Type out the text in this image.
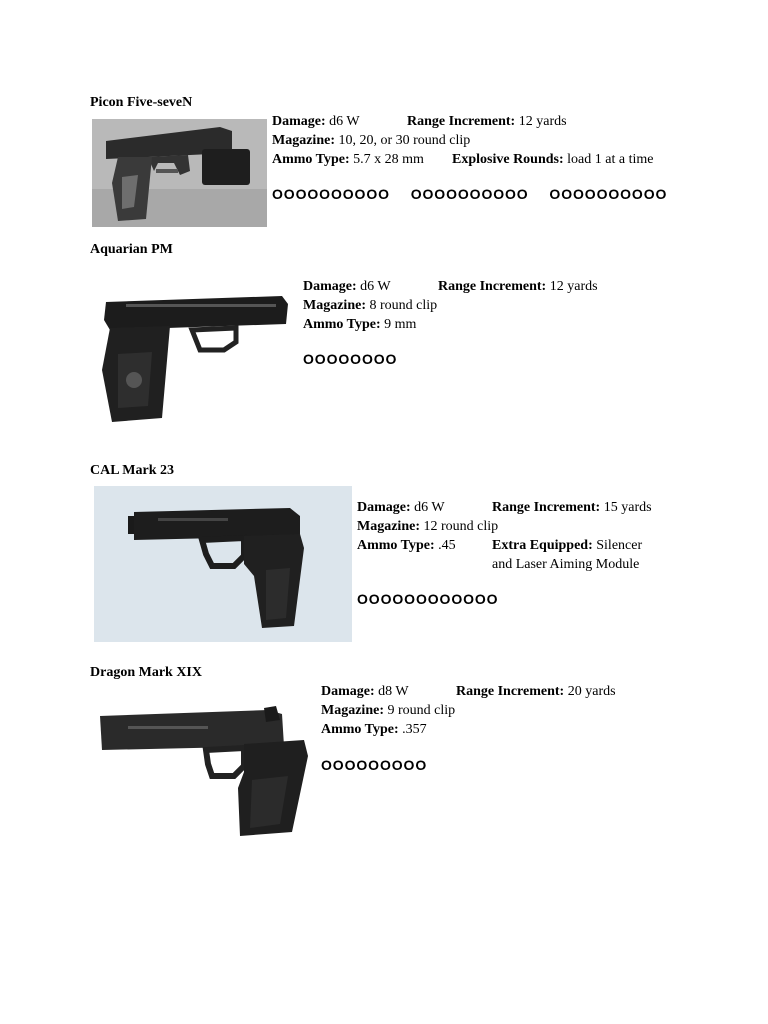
Picon Five-seveN
Damage: d6 W	Range Increment: 12 yards
Magazine: 10, 20, or 30 round clip
Ammo Type: 5.7 x 28 mm Explosive Rounds: load 1 at a time
OOOOOOOOOO OOOOOOOOOO OOOOOOOOOO
Aquarian PM
Damage: d6 W	Range Increment: 12 yards
Magazine: 8 round clip
Ammo Type: 9 mm
OOOOOOOO
CAL Mark 23
Damage: d6 W	Range Increment: 15 yards
Magazine: 12 round clip
Ammo Type: .45	Extra Equipped: Silencer
and Laser Aiming Module
OOOOOOOOOOOO
Dragon Mark XIX
Damage: d8 W	Range Increment: 20 yards
Magazine: 9 round clip
Ammo Type: .357
OOOOOOOOO
